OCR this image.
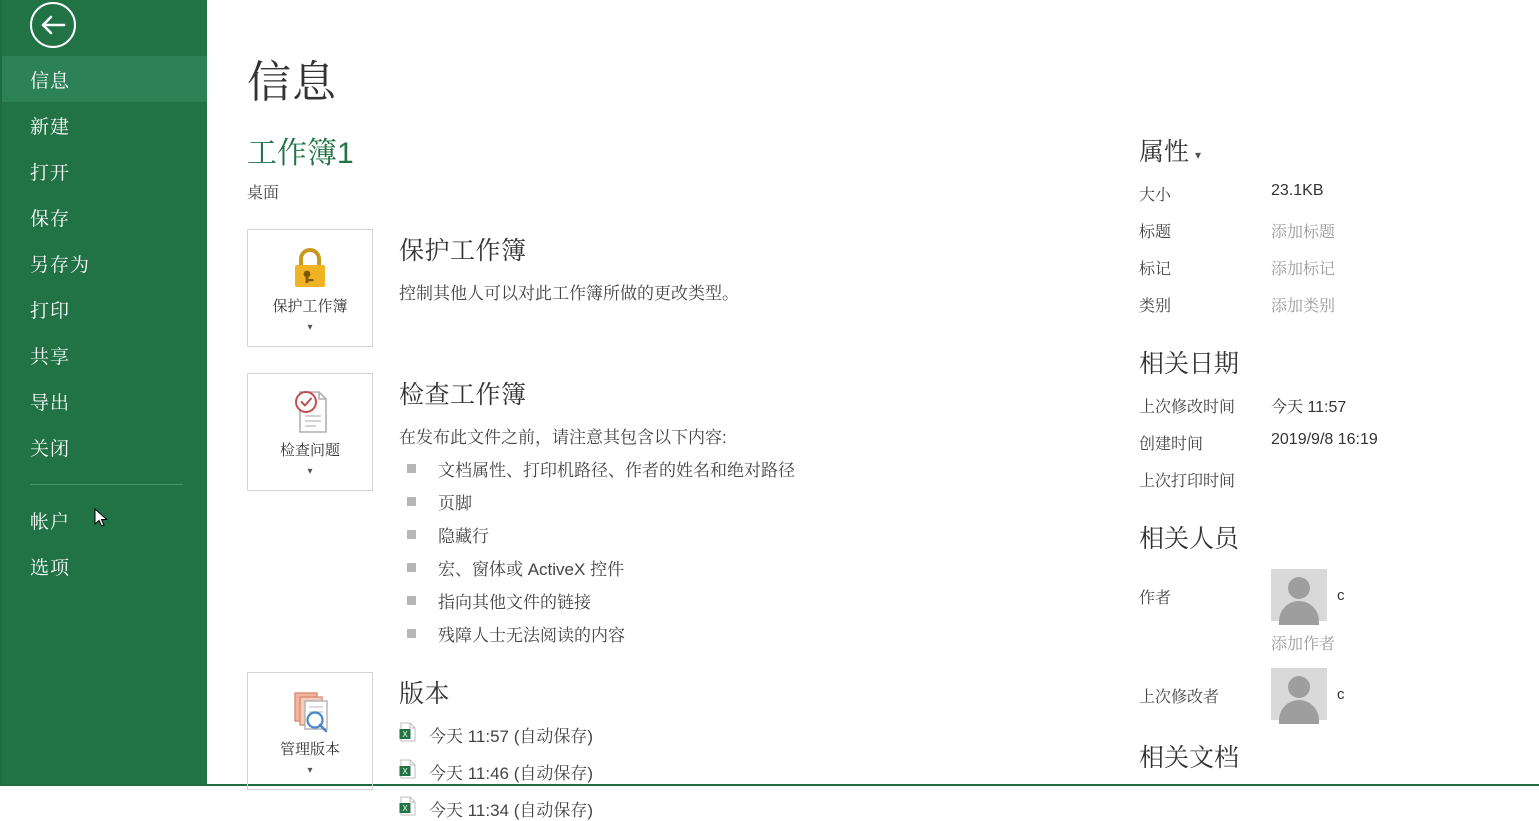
信息
新建
打开
保存
另存为
打印
共享
导出
关闭
帐户
选项
信息
工作簿1
桌面
保护工作簿
▾
保护工作簿
控制其他人可以对此工作簿所做的更改类型。
检查问题
▾
检查工作簿
在发布此文件之前，请注意其包含以下内容:
文档属性、打印机路径、作者的姓名和绝对路径
页脚
隐藏行
宏、窗体或 ActiveX 控件
指向其他文件的链接
残障人士无法阅读的内容
管理版本
▾
版本
X 今天 11:57 (自动保存)
X 今天 11:46 (自动保存)
X 今天 11:34 (自动保存)
属性 ▾
大小	23.1KB
标题	添加标题
标记	添加标记
类别	添加类别
相关日期
上次修改时间	今天 11:57
创建时间	2019/9/8 16:19
上次打印时间
相关人员
作者	c
添加作者
上次修改者	c
相关文档
